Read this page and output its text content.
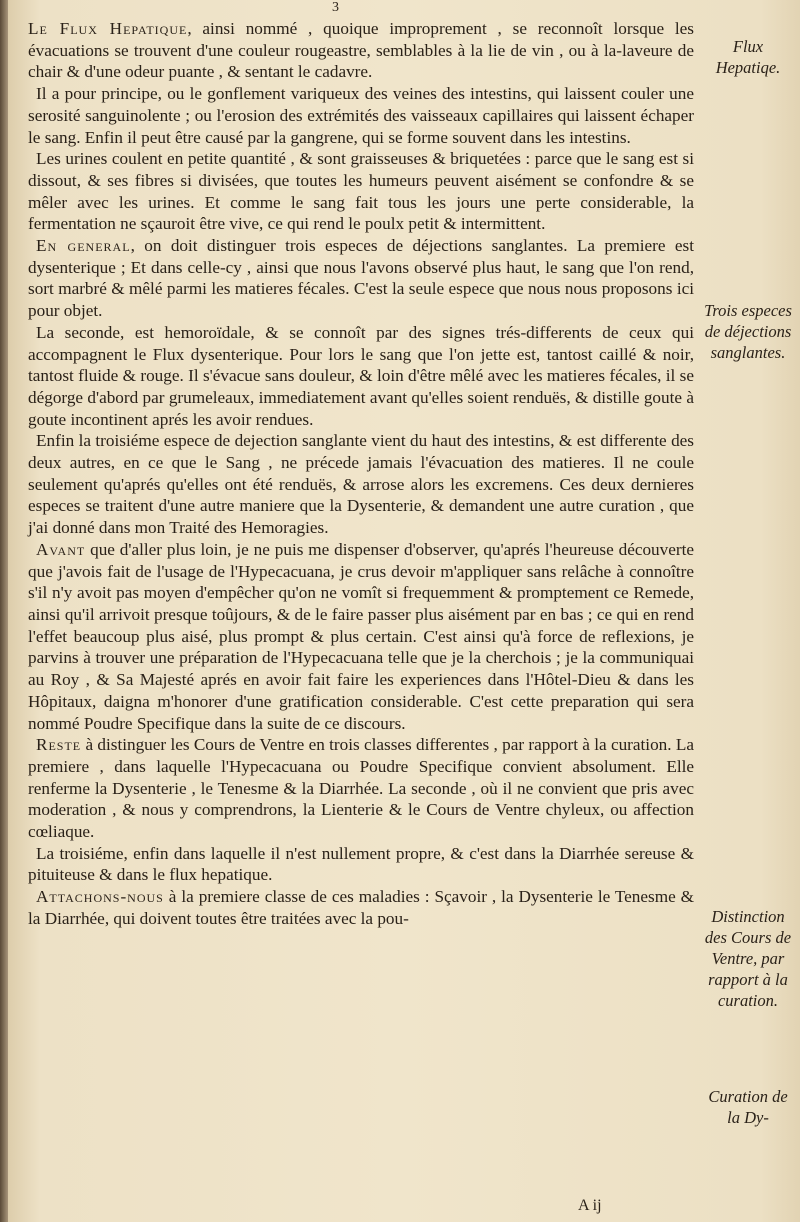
3

Le Flux Hepatique, ainsi nommé , quoique improprement , se reconnoît lorsque les évacuations se trouvent d'une couleur rougeastre, semblables à la lie de vin , ou à la-laveure de chair & d'une odeur puante , & sentant le cadavre.

Il a pour principe, ou le gonflement variqueux des veines des intestins, qui laissent couler une serosité sanguinolente ; ou l'erosion des extrémités des vaisseaux capillaires qui laissent échaper le sang. Enfin il peut être causé par la gangrene, qui se forme souvent dans les intestins.

Les urines coulent en petite quantité , & sont graisseuses & briquetées : parce que le sang est si dissout, & ses fibres si divisées, que toutes les humeurs peuvent aisément se confondre & se mêler avec les urines. Et comme le sang fait tous les jours une perte considerable, la fermentation ne sçauroit être vive, ce qui rend le poulx petit & intermittent.

En general, on doit distinguer trois especes de déjections sanglantes. La premiere est dysenterique ; Et dans celle-cy , ainsi que nous l'avons observé plus haut, le sang que l'on rend, sort marbré & mêlé parmi les matieres fécales. C'est la seule espece que nous nous proposons ici pour objet.

La seconde, est hemoroïdale, & se connoît par des signes trés-differents de ceux qui accompagnent le Flux dysenterique. Pour lors le sang que l'on jette est, tantost caillé & noir, tantost fluide & rouge. Il s'évacue sans douleur, & loin d'être mêlé avec les matieres fécales, il se dégorge d'abord par grumeleaux, immediatement avant qu'elles soient renduës, & distille goute à goute incontinent aprés les avoir rendues.

Enfin la troisiéme espece de dejection sanglante vient du haut des intestins, & est differente des deux autres, en ce que le Sang , ne précede jamais l'évacuation des matieres. Il ne coule seulement qu'aprés qu'elles ont été renduës, & arrose alors les excremens. Ces deux dernieres especes se traitent d'une autre maniere que la Dysenterie, & demandent une autre curation , que j'ai donné dans mon Traité des Hemoragies.

Avant que d'aller plus loin, je ne puis me dispenser d'observer, qu'aprés l'heureuse découverte que j'avois fait de l'usage de l'Hypecacuana, je crus devoir m'appliquer sans relâche à connoître s'il n'y avoit pas moyen d'empêcher qu'on ne vomît si frequemment & promptement ce Remede, ainsi qu'il arrivoit presque toûjours, & de le faire passer plus aisément par en bas ; ce qui en rend l'effet beaucoup plus aisé, plus prompt & plus certain. C'est ainsi qu'à force de reflexions, je parvins à trouver une préparation de l'Hypecacuana telle que je la cherchois ; je la communiquai au Roy , & Sa Majesté aprés en avoir fait faire les experiences dans l'Hôtel-Dieu & dans les Hôpitaux, daigna m'honorer d'une gratification considerable. C'est cette preparation qui sera nommé Poudre Specifique dans la suite de ce discours.

Reste à distinguer les Cours de Ventre en trois classes differentes , par rapport à la curation. La premiere , dans laquelle l'Hypecacuana ou Poudre Specifique convient absolument. Elle renferme la Dysenterie , le Tenesme & la Diarrhée. La seconde , où il ne convient que pris avec moderation , & nous y comprendrons, la Lienterie & le Cours de Ventre chyleux, ou affection cœliaque.

La troisiéme, enfin dans laquelle il n'est nullement propre, & c'est dans la Diarrhée sereuse & pituiteuse & dans le flux hepatique.

Attachons-nous à la premiere classe de ces maladies : Sçavoir , la Dysenterie le Tenesme & la Diarrhée, qui doivent toutes être traitées avec la pou-

Flux Hepatiqe.
Trois especes de déjections sanglantes.
Distinction des Cours de Ventre, par rapport à la curation.
Curation de la Dy-
A ij
